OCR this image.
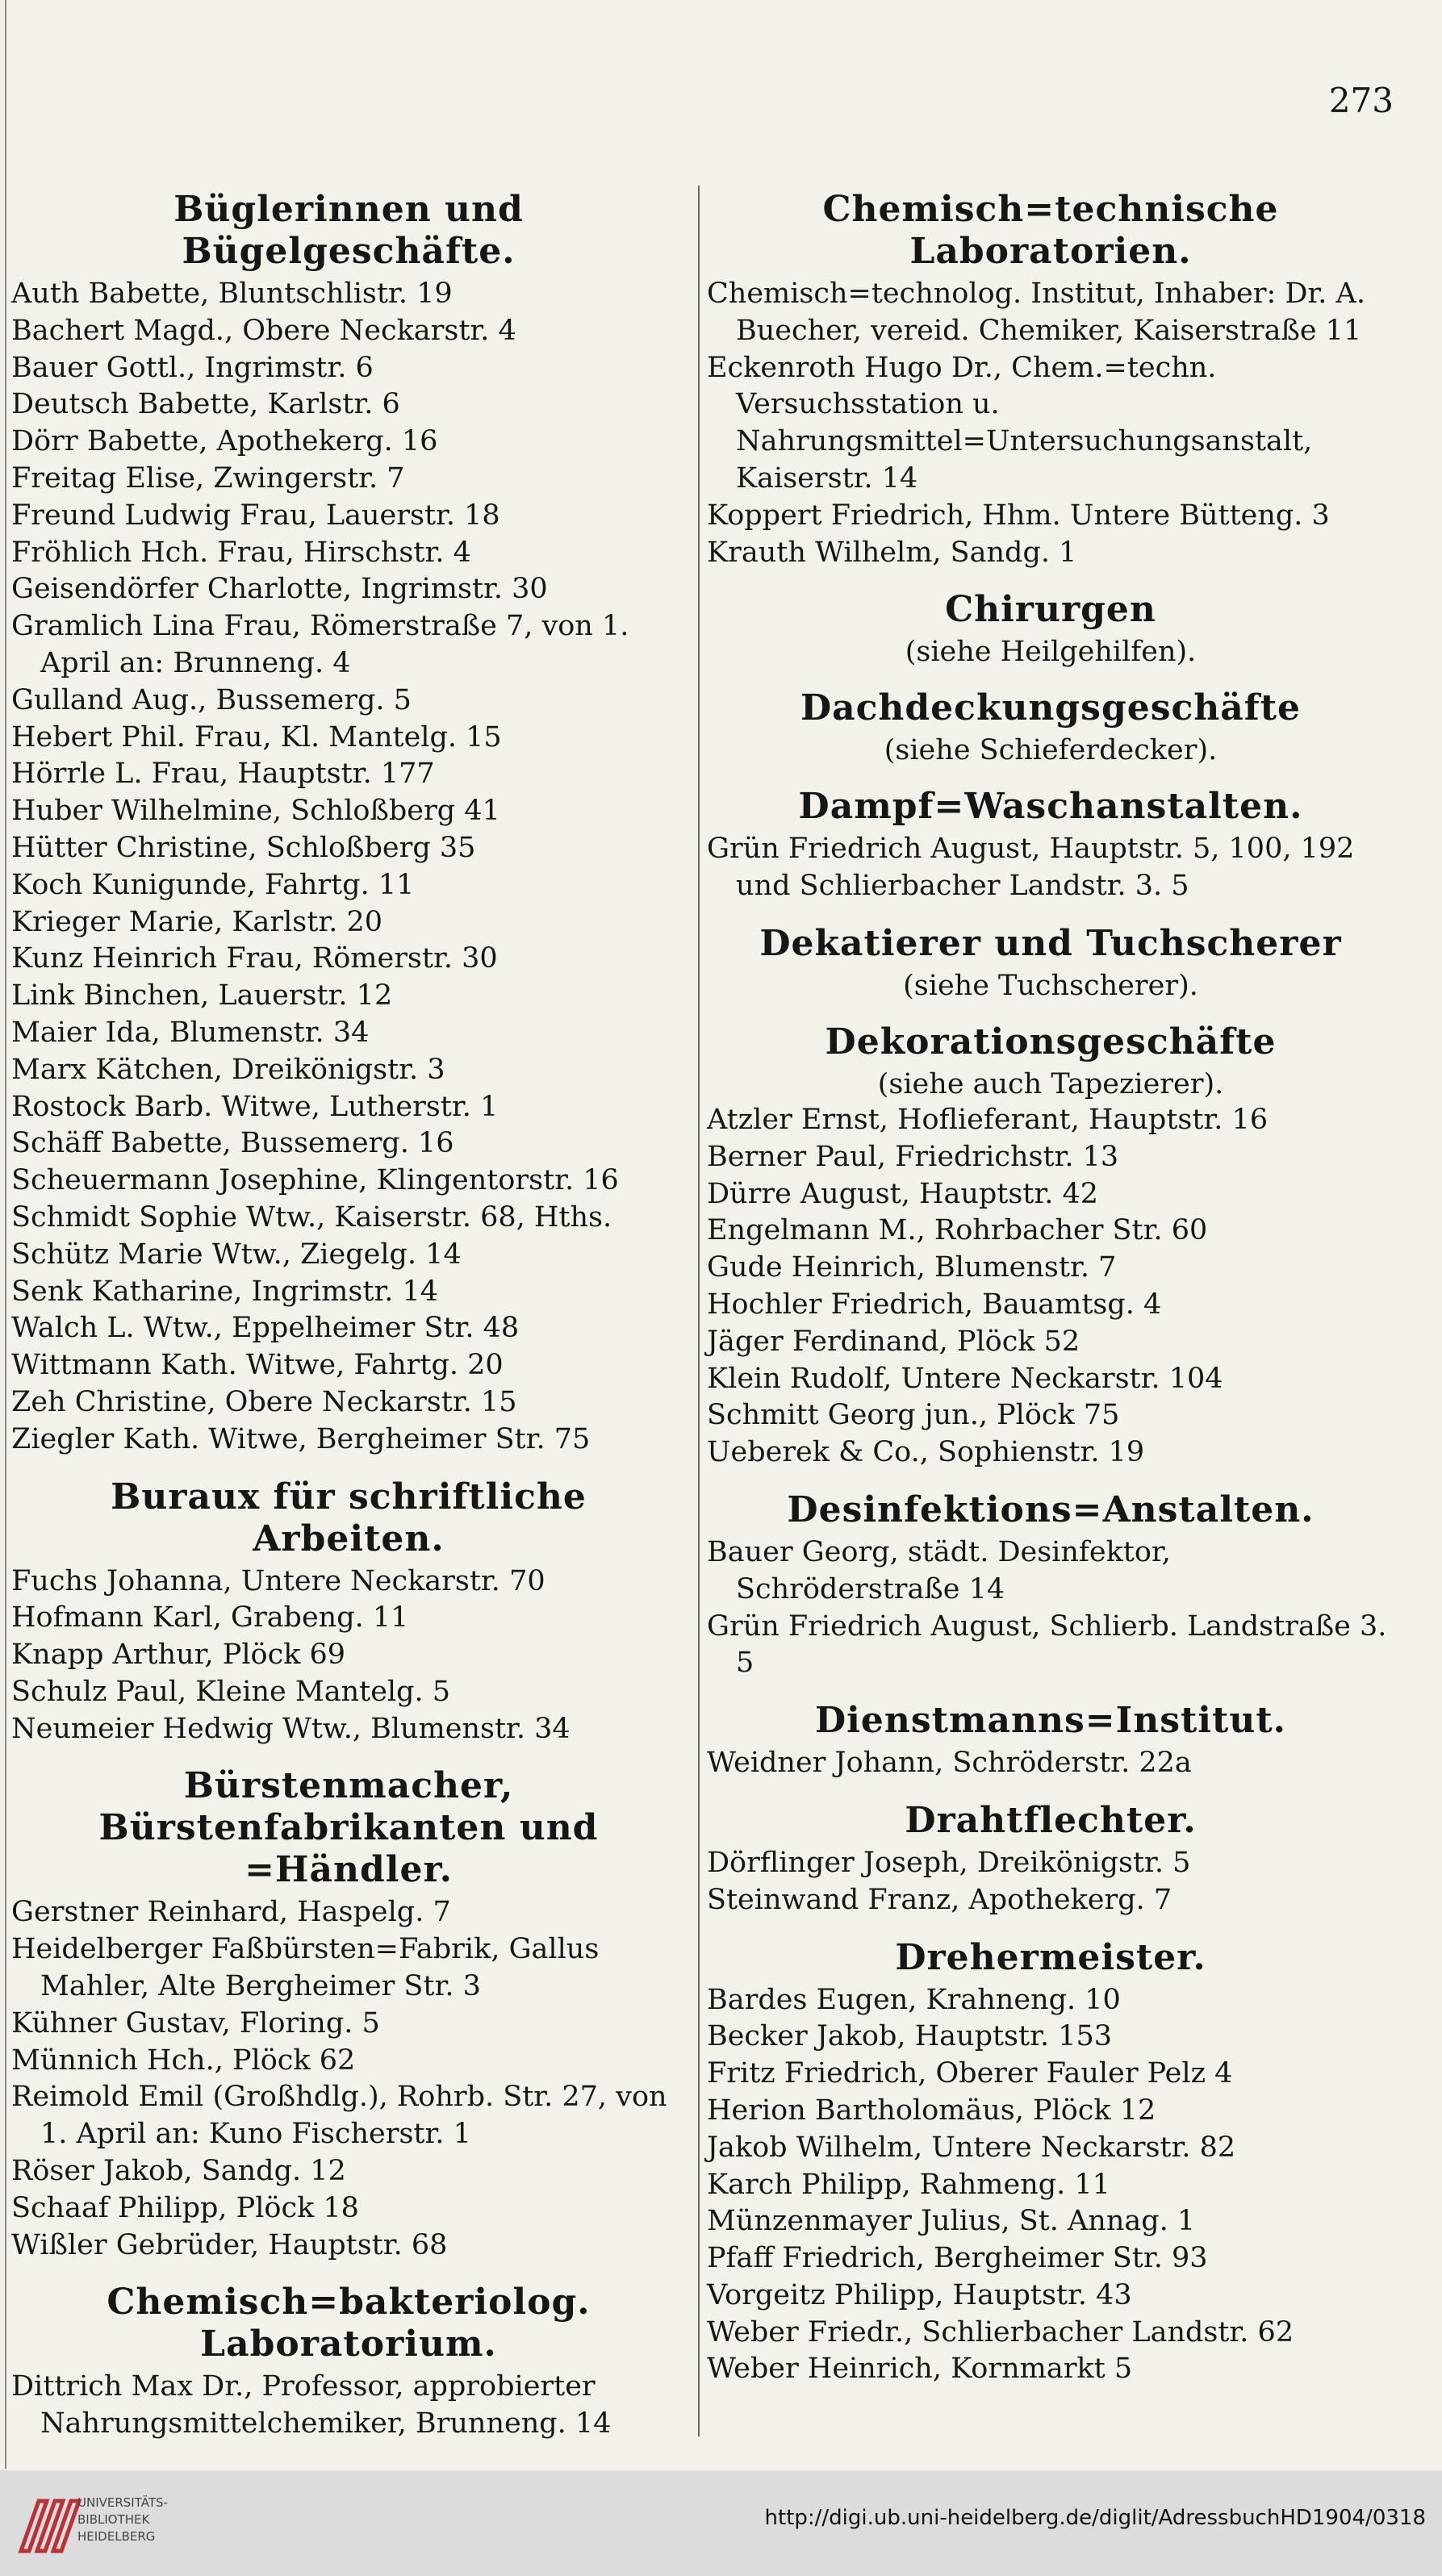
273
Büglerinnen und Bügelgeschäfte.
Auth Babette, Bluntschlistr. 19
Bachert Magd., Obere Neckarstr. 4
Bauer Gottl., Ingrimstr. 6
Deutsch Babette, Karlstr. 6
Dörr Babette, Apothekerg. 16
Freitag Elise, Zwingerstr. 7
Freund Ludwig Frau, Lauerstr. 18
Fröhlich Hch. Frau, Hirschstr. 4
Geisendörfer Charlotte, Ingrimstr. 30
Gramlich Lina Frau, Römerstraße 7, von 1. April an: Brunneng. 4
Gulland Aug., Bussemerg. 5
Hebert Phil. Frau, Kl. Mantelg. 15
Hörrle L. Frau, Hauptstr. 177
Huber Wilhelmine, Schloßberg 41
Hütter Christine, Schloßberg 35
Koch Kunigunde, Fahrtg. 11
Krieger Marie, Karlstr. 20
Kunz Heinrich Frau, Römerstr. 30
Link Binchen, Lauerstr. 12
Maier Ida, Blumenstr. 34
Marx Kätchen, Dreikönigstr. 3
Rostock Barb. Witwe, Lutherstr. 1
Schäff Babette, Bussemerg. 16
Scheuermann Josephine, Klingentorstr. 16
Schmidt Sophie Wtw., Kaiserstr. 68, Hths.
Schütz Marie Wtw., Ziegelg. 14
Senk Katharine, Ingrimstr. 14
Walch L. Wtw., Eppelheimer Str. 48
Wittmann Kath. Witwe, Fahrtg. 20
Zeh Christine, Obere Neckarstr. 15
Ziegler Kath. Witwe, Bergheimer Str. 75
Buraux für schriftliche Arbeiten.
Fuchs Johanna, Untere Neckarstr. 70
Hofmann Karl, Grabeng. 11
Knapp Arthur, Plöck 69
Schulz Paul, Kleine Mantelg. 5
Neumeier Hedwig Wtw., Blumenstr. 34
Bürstenmacher, Bürstenfabrikanten und =Händler.
Gerstner Reinhard, Haspelg. 7
Heidelberger Faßbürsten=Fabrik, Gallus Mahler, Alte Bergheimer Str. 3
Kühner Gustav, Floring. 5
Münnich Hch., Plöck 62
Reimold Emil (Großhdlg.), Rohrb. Str. 27, von 1. April an: Kuno Fischerstr. 1
Röser Jakob, Sandg. 12
Schaaf Philipp, Plöck 18
Wißler Gebrüder, Hauptstr. 68
Chemisch=bakteriolog. Laboratorium.
Dittrich Max Dr., Professor, approbierter Nahrungsmittelchemiker, Brunneng. 14
Chemisch=technische Laboratorien.
Chemisch=technolog. Institut, Inhaber: Dr. A. Buecher, vereid. Chemiker, Kaiserstraße 11
Eckenroth Hugo Dr., Chem.=techn. Versuchsstation u. Nahrungsmittel=Untersuchungsanstalt, Kaiserstr. 14
Koppert Friedrich, Hhm. Untere Bütteng. 3
Krauth Wilhelm, Sandg. 1
Chirurgen
(siehe Heilgehilfen).
Dachdeckungsgeschäfte
(siehe Schieferdecker).
Dampf=Waschanstalten.
Grün Friedrich August, Hauptstr. 5, 100, 192 und Schlierbacher Landstr. 3. 5
Dekatierer und Tuchscherer
(siehe Tuchscherer).
Dekorationsgeschäfte
(siehe auch Tapezierer).
Atzler Ernst, Hoflieferant, Hauptstr. 16
Berner Paul, Friedrichstr. 13
Dürre August, Hauptstr. 42
Engelmann M., Rohrbacher Str. 60
Gude Heinrich, Blumenstr. 7
Hochler Friedrich, Bauamtsg. 4
Jäger Ferdinand, Plöck 52
Klein Rudolf, Untere Neckarstr. 104
Schmitt Georg jun., Plöck 75
Ueberek & Co., Sophienstr. 19
Desinfektions=Anstalten.
Bauer Georg, städt. Desinfektor, Schröderstraße 14
Grün Friedrich August, Schlierb. Landstraße 3. 5
Dienstmanns=Institut.
Weidner Johann, Schröderstr. 22a
Drahtflechter.
Dörflinger Joseph, Dreikönigstr. 5
Steinwand Franz, Apothekerg. 7
Drehermeister.
Bardes Eugen, Krahneng. 10
Becker Jakob, Hauptstr. 153
Fritz Friedrich, Oberer Fauler Pelz 4
Herion Bartholomäus, Plöck 12
Jakob Wilhelm, Untere Neckarstr. 82
Karch Philipp, Rahmeng. 11
Münzenmayer Julius, St. Annag. 1
Pfaff Friedrich, Bergheimer Str. 93
Vorgeitz Philipp, Hauptstr. 43
Weber Friedr., Schlierbacher Landstr. 62
Weber Heinrich, Kornmarkt 5
UNIVERSITÄTS-
BIBLIOTHEK
HEIDELBERG
http://digi.ub.uni-heidelberg.de/diglit/AdressbuchHD1904/0318
